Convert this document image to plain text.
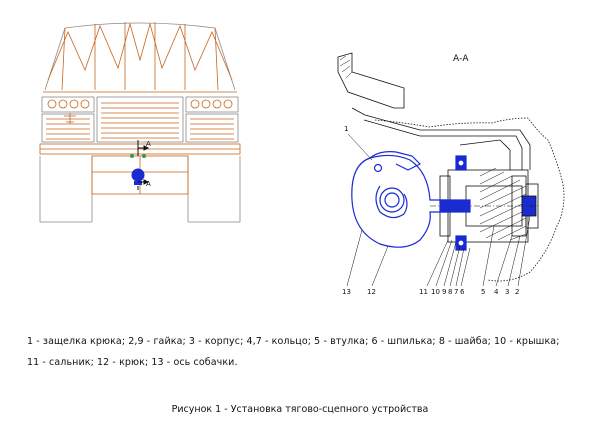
А
А
А-А
1
13 12	11 10 9 8 7 6 5 4 3 2
1 - защелка крюка; 2,9 - гайка; 3 - корпус; 4,7 - кольцо; 5 - втулка; 6 - шпилька; 8 - шайба; 10 - крышка;
11 - сальник; 12 - крюк; 13 - ось собачки.
Рисунок 1 - Установка тягово-сцепного устройства
